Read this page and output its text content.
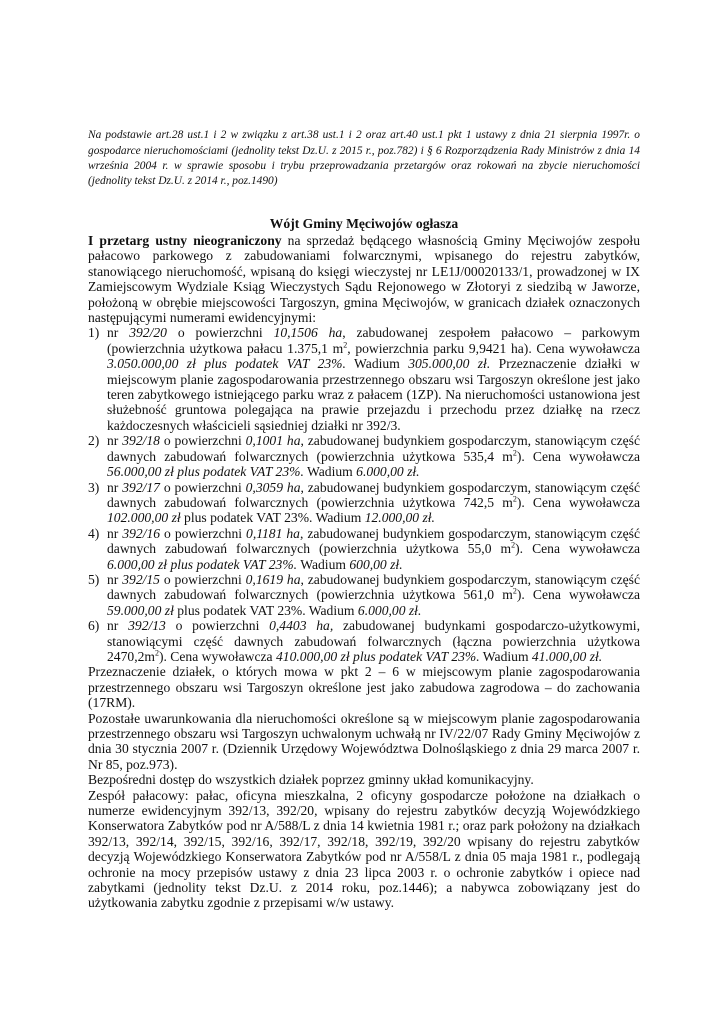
Na podstawie art.28 ust.1 i 2 w związku z art.38 ust.1 i 2 oraz art.40 ust.1 pkt 1 ustawy z dnia 21 sierpnia 1997r. o gospodarce nieruchomościami (jednolity tekst Dz.U. z 2015 r., poz.782) i § 6 Rozporządzenia Rady Ministrów z dnia 14 września 2004 r. w sprawie sposobu i trybu przeprowadzania przetargów oraz rokowań na zbycie nieruchomości (jednolity tekst Dz.U. z 2014 r., poz.1490)

Wójt Gminy Męciwojów ogłasza

I przetarg ustny nieograniczony na sprzedaż będącego własnością Gminy Męciwojów zespołu pałacowo parkowego z zabudowaniami folwarcznymi, wpisanego do rejestru zabytków, stanowiącego nieruchomość, wpisaną do księgi wieczystej nr LE1J/00020133/1, prowadzonej w IX Zamiejscowym Wydziale Ksiąg Wieczystych Sądu Rejonowego w Złotoryi z siedzibą w Jaworze, położoną w obrębie miejscowości Targoszyn, gmina Męciwojów, w granicach działek oznaczonych następującymi numerami ewidencyjnymi:

1) nr 392/20 o powierzchni 10,1506 ha, zabudowanej zespołem pałacowo – parkowym (powierzchnia użytkowa pałacu 1.375,1 $m^2$, powierzchnia parku 9,9421 ha). Cena wywoławcza 3.050.000,00 zł plus podatek VAT 23%. Wadium 305.000,00 zł. Przeznaczenie działki w miejscowym planie zagospodarowania przestrzennego obszaru wsi Targoszyn określone jest jako teren zabytkowego istniejącego parku wraz z pałacem (1ZP). Na nieruchomości ustanowiona jest służebność gruntowa polegająca na prawie przejazdu i przechodu przez działkę na rzecz każdoczesnych właścicieli sąsiedniej działki nr 392/3.
2) nr 392/18 o powierzchni 0,1001 ha, zabudowanej budynkiem gospodarczym, stanowiącym część dawnych zabudowań folwarcznych (powierzchnia użytkowa 535,4 $m^2$). Cena wywoławcza 56.000,00 zł plus podatek VAT 23%. Wadium 6.000,00 zł.
3) nr 392/17 o powierzchni 0,3059 ha, zabudowanej budynkiem gospodarczym, stanowiącym część dawnych zabudowań folwarcznych (powierzchnia użytkowa 742,5 $m^2$). Cena wywoławcza 102.000,00 zł plus podatek VAT 23%. Wadium 12.000,00 zł.
4) nr 392/16 o powierzchni 0,1181 ha, zabudowanej budynkiem gospodarczym, stanowiącym część dawnych zabudowań folwarcznych (powierzchnia użytkowa 55,0 $m^2$). Cena wywoławcza 6.000,00 zł plus podatek VAT 23%. Wadium 600,00 zł.
5) nr 392/15 o powierzchni 0,1619 ha, zabudowanej budynkiem gospodarczym, stanowiącym część dawnych zabudowań folwarcznych (powierzchnia użytkowa 561,0 $m^2$). Cena wywoławcza 59.000,00 zł plus podatek VAT 23%. Wadium 6.000,00 zł.
6) nr 392/13 o powierzchni 0,4403 ha, zabudowanej budynkami gospodarczo-użytkowymi, stanowiącymi część dawnych zabudowań folwarcznych (łączna powierzchnia użytkowa $2470,2m^2$). Cena wywoławcza 410.000,00 zł plus podatek VAT 23%. Wadium 41.000,00 zł.

Przeznaczenie działek, o których mowa w pkt 2 – 6 w miejscowym planie zagospodarowania przestrzennego obszaru wsi Targoszyn określone jest jako zabudowa zagrodowa – do zachowania (17RM).

Pozostałe uwarunkowania dla nieruchomości określone są w miejscowym planie zagospodarowania przestrzennego obszaru wsi Targoszyn uchwalonym uchwałą nr IV/22/07 Rady Gminy Męciwojów z dnia 30 stycznia 2007 r. (Dziennik Urzędowy Województwa Dolnośląskiego z dnia 29 marca 2007 r. Nr 85, poz.973).

Bezpośredni dostęp do wszystkich działek poprzez gminny układ komunikacyjny.

Zespół pałacowy: pałac, oficyna mieszkalna, 2 oficyny gospodarcze położone na działkach o numerze ewidencyjnym 392/13, 392/20, wpisany do rejestru zabytków decyzją Wojewódzkiego Konserwatora Zabytków pod nr A/588/L z dnia 14 kwietnia 1981 r.; oraz park położony na działkach 392/13, 392/14, 392/15, 392/16, 392/17, 392/18, 392/19, 392/20 wpisany do rejestru zabytków decyzją Wojewódzkiego Konserwatora Zabytków pod nr A/558/L z dnia 05 maja 1981 r., podlegają ochronie na mocy przepisów ustawy z dnia 23 lipca 2003 r. o ochronie zabytków i opiece nad zabytkami (jednolity tekst Dz.U. z 2014 roku, poz.1446); a nabywca zobowiązany jest do użytkowania zabytku zgodnie z przepisami w/w ustawy.
